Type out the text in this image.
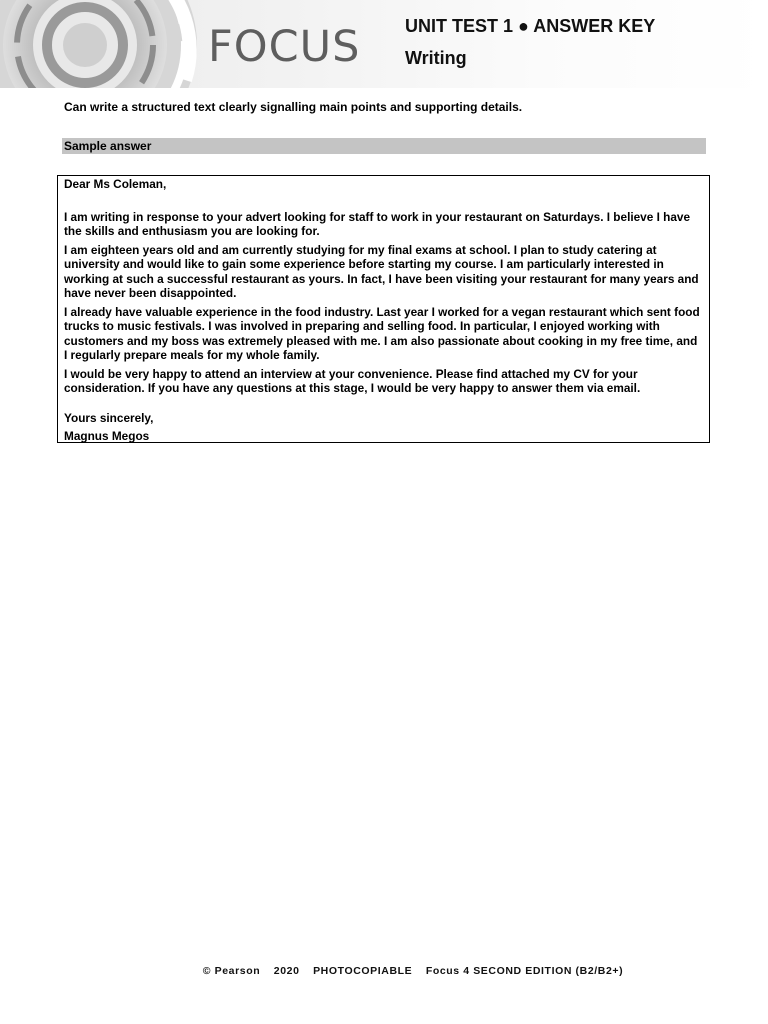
FOCUS UNIT TEST 1 ● ANSWER KEY
Writing
Can write a structured text clearly signalling main points and supporting details.
Sample answer

Dear Ms Coleman,

I am writing in response to your advert looking for staff to work in your restaurant on Saturdays. I believe I have the skills and enthusiasm you are looking for.

I am eighteen years old and am currently studying for my final exams at school. I plan to study catering at university and would like to gain some experience before starting my course. I am particularly interested in working at such a successful restaurant as yours. In fact, I have been visiting your restaurant for many years and have never been disappointed.

I already have valuable experience in the food industry. Last year I worked for a vegan restaurant which sent food trucks to music festivals. I was involved in preparing and selling food. In particular, I enjoyed working with customers and my boss was extremely pleased with me. I am also passionate about cooking in my free time, and I regularly prepare meals for my whole family.

I would be very happy to attend an interview at your convenience. Please find attached my CV for your consideration. If you have any questions at this stage, I would be very happy to answer them via email.

Yours sincerely,

Magnus Megos

© Pearson 2020 PHOTOCOPIABLE Focus 4 SECOND EDITION (B2/B2+)
